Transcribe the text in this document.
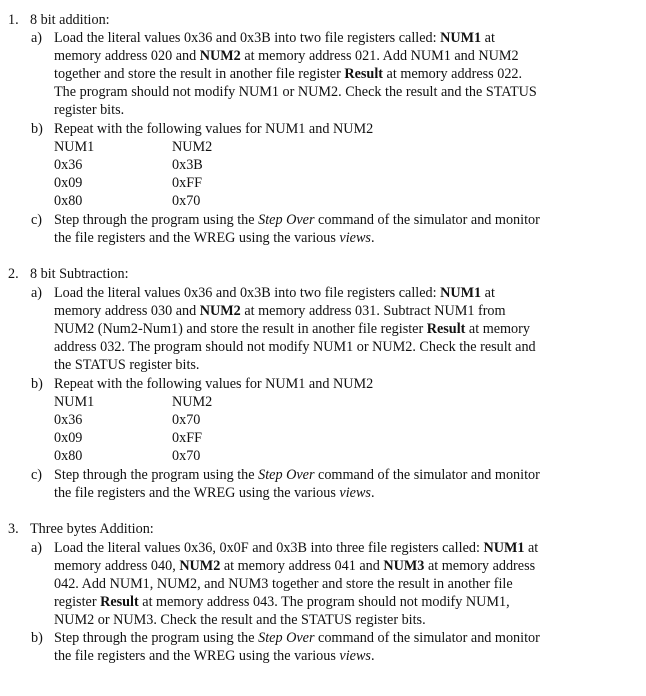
1. 8 bit addition:
a) Load the literal values 0x36 and 0x3B into two file registers called: NUM1 at
memory address 020 and NUM2 at memory address 021. Add NUM1 and NUM2
together and store the result in another file register Result at memory address 022.
The program should not modify NUM1 or NUM2. Check the result and the STATUS
register bits.
b) Repeat with the following values for NUM1 and NUM2
NUM1	NUM2
0x36	0x3B
0x09	0xFF
0x80	0x70
c) Step through the program using the Step Over command of the simulator and monitor
the file registers and the WREG using the various views.
2. 8 bit Subtraction:
a) Load the literal values 0x36 and 0x3B into two file registers called: NUM1 at
memory address 030 and NUM2 at memory address 031. Subtract NUM1 from
NUM2 (Num2-Num1) and store the result in another file register Result at memory
address 032. The program should not modify NUM1 or NUM2. Check the result and
the STATUS register bits.
b) Repeat with the following values for NUM1 and NUM2
NUM1	NUM2
0x36	0x70
0x09	0xFF
0x80	0x70
c) Step through the program using the Step Over command of the simulator and monitor
the file registers and the WREG using the various views.
3. Three bytes Addition:
a) Load the literal values 0x36, 0x0F and 0x3B into three file registers called: NUM1 at
memory address 040, NUM2 at memory address 041 and NUM3 at memory address
042. Add NUM1, NUM2, and NUM3 together and store the result in another file
register Result at memory address 043. The program should not modify NUM1,
NUM2 or NUM3. Check the result and the STATUS register bits.
b) Step through the program using the Step Over command of the simulator and monitor
the file registers and the WREG using the various views.
